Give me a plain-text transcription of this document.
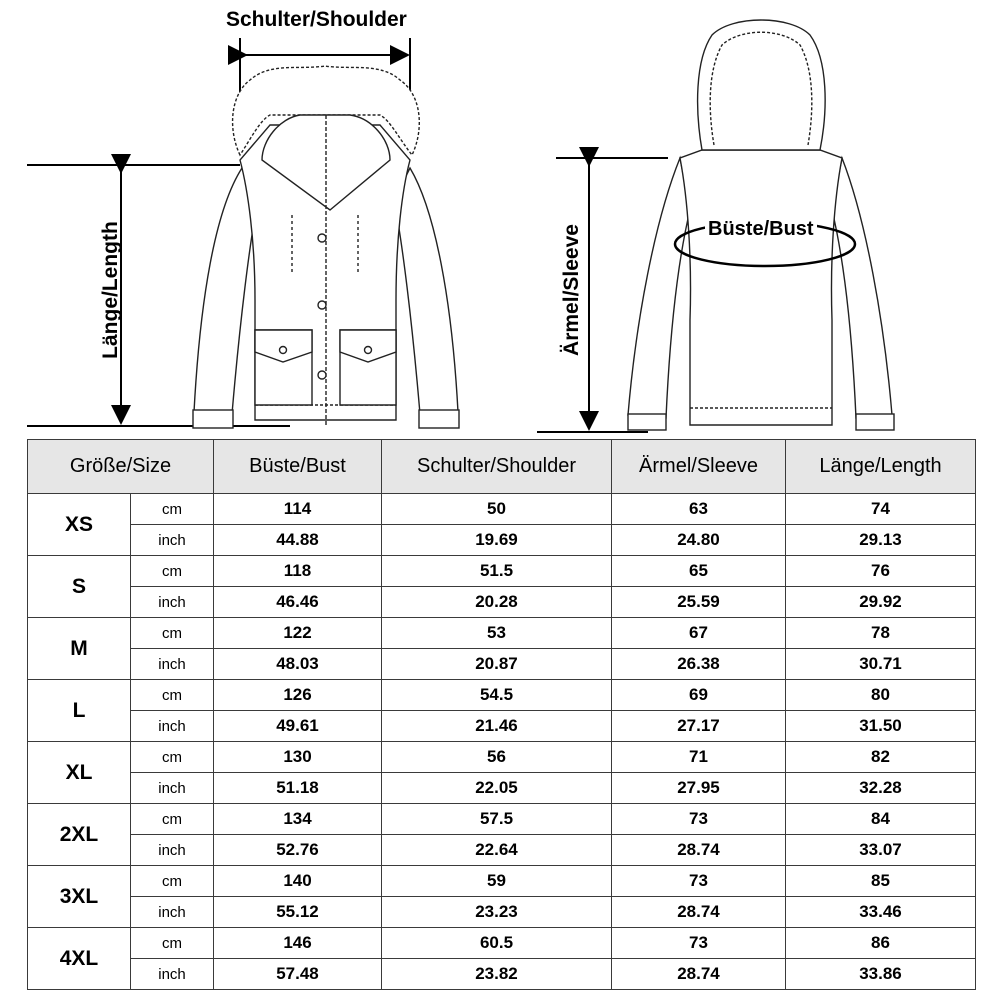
Schulter/Shoulder
Länge/Length	Ärmel/Sleeve	Büste/Bust
Größe/Size		Büste/Bust	Schulter/Shoulder	Ärmel/Sleeve	Länge/Length
XS	cm	114	50	63	74
	inch	44.88	19.69	24.80	29.13
S	cm	118	51.5	65	76
	inch	46.46	20.28	25.59	29.92
M	cm	122	53	67	78
	inch	48.03	20.87	26.38	30.71
L	cm	126	54.5	69	80
	inch	49.61	21.46	27.17	31.50
XL	cm	130	56	71	82
	inch	51.18	22.05	27.95	32.28
2XL	cm	134	57.5	73	84
	inch	52.76	22.64	28.74	33.07
3XL	cm	140	59	73	85
	inch	55.12	23.23	28.74	33.46
4XL	cm	146	60.5	73	86
	inch	57.48	23.82	28.74	33.86
